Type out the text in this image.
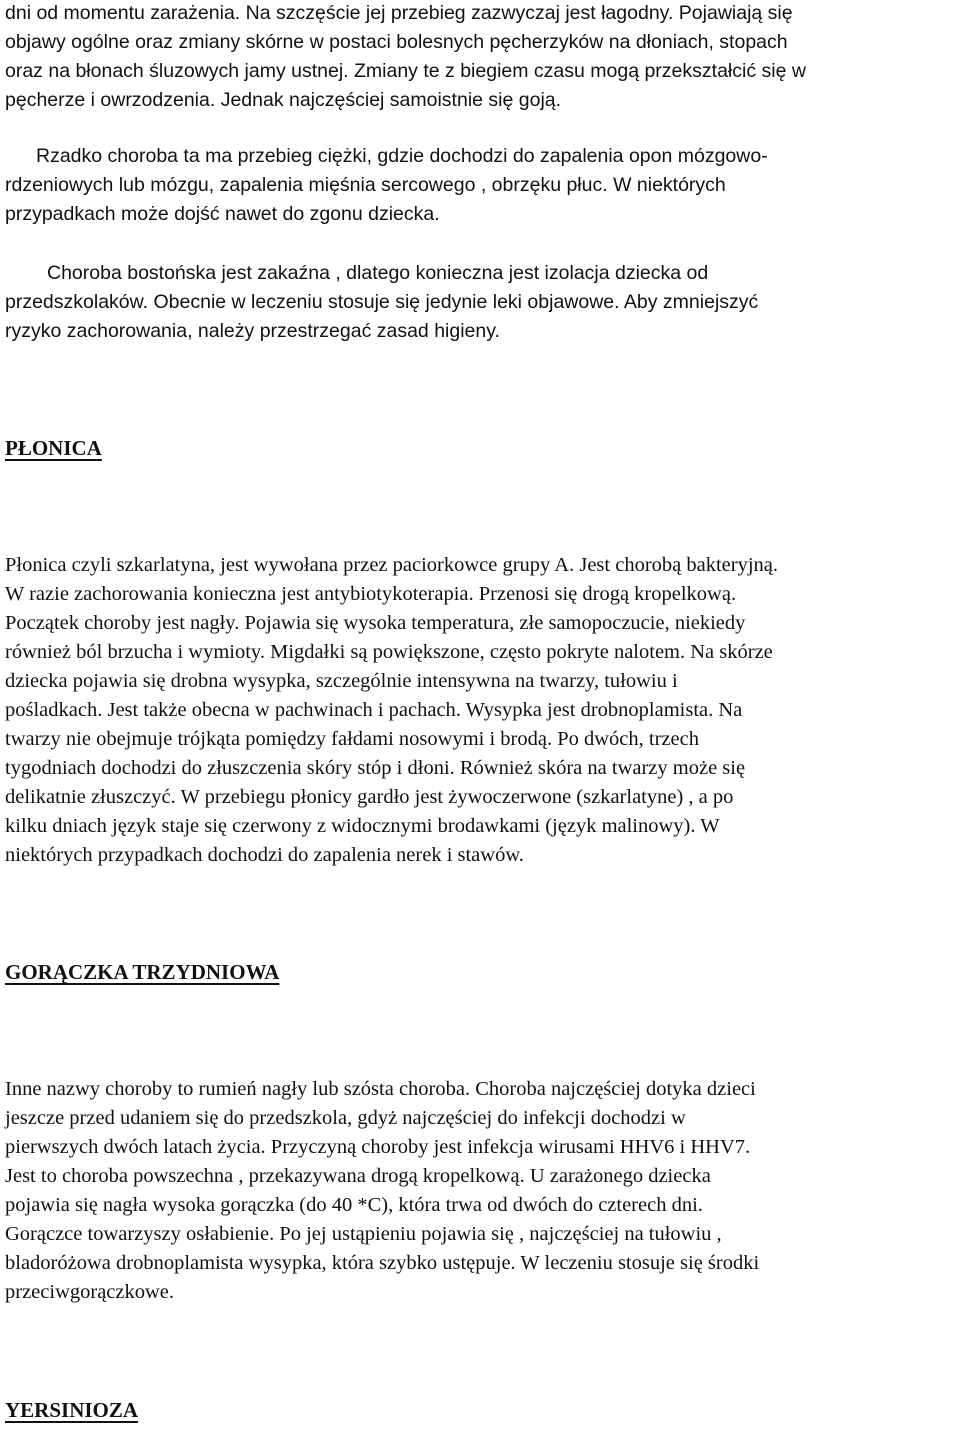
dni od momentu zarażenia. Na szczęście jej przebieg zazwyczaj jest łagodny. Pojawiają się
objawy ogólne oraz zmiany skórne w postaci bolesnych pęcherzyków na dłoniach, stopach
oraz na błonach śluzowych jamy ustnej. Zmiany te z biegiem czasu mogą przekształcić się w
pęcherze i owrzodzenia. Jednak najczęściej samoistnie się goją.
Rzadko choroba ta ma przebieg ciężki, gdzie dochodzi do zapalenia opon mózgowo-
rdzeniowych lub mózgu, zapalenia mięśnia sercowego , obrzęku płuc. W niektórych
przypadkach może dojść nawet do zgonu dziecka.
Choroba bostońska jest zakaźna , dlatego konieczna jest izolacja dziecka od
przedszkolaków. Obecnie w leczeniu stosuje się jedynie leki objawowe. Aby zmniejszyć
ryzyko zachorowania, należy przestrzegać zasad higieny.
PŁONICA
Płonica czyli szkarlatyna, jest wywołana przez paciorkowce grupy A. Jest chorobą bakteryjną.
W razie zachorowania konieczna jest antybiotykoterapia. Przenosi się drogą kropelkową.
Początek choroby jest nagły. Pojawia się wysoka temperatura, złe samopoczucie, niekiedy
również ból brzucha i wymioty. Migdałki są powiększone, często pokryte nalotem. Na skórze
dziecka pojawia się drobna wysypka, szczególnie intensywna na twarzy, tułowiu i
pośladkach. Jest także obecna w pachwinach i pachach. Wysypka jest drobnoplamista. Na
twarzy nie obejmuje trójkąta pomiędzy fałdami nosowymi i brodą. Po dwóch, trzech
tygodniach dochodzi do złuszczenia skóry stóp i dłoni. Również skóra na twarzy może się
delikatnie złuszczyć. W przebiegu płonicy gardło jest żywoczerwone (szkarlatyne) , a po
kilku dniach język staje się czerwony z widocznymi brodawkami (język malinowy). W
niektórych przypadkach dochodzi do zapalenia nerek i stawów.
GORĄCZKA TRZYDNIOWA
Inne nazwy choroby to rumień nagły lub szósta choroba. Choroba najczęściej dotyka dzieci
jeszcze przed udaniem się do przedszkola, gdyż najczęściej do infekcji dochodzi w
pierwszych dwóch latach życia. Przyczyną choroby jest infekcja wirusami HHV6 i HHV7.
Jest to choroba powszechna , przekazywana drogą kropelkową. U zarażonego dziecka
pojawia się nagła wysoka gorączka (do 40 *C), która trwa od dwóch do czterech dni.
Gorączce towarzyszy osłabienie. Po jej ustąpieniu pojawia się , najczęściej na tułowiu ,
bladoróżowa drobnoplamista wysypka, która szybko ustępuje. W leczeniu stosuje się środki
przeciwgorączkowe.
YERSINIOZA
